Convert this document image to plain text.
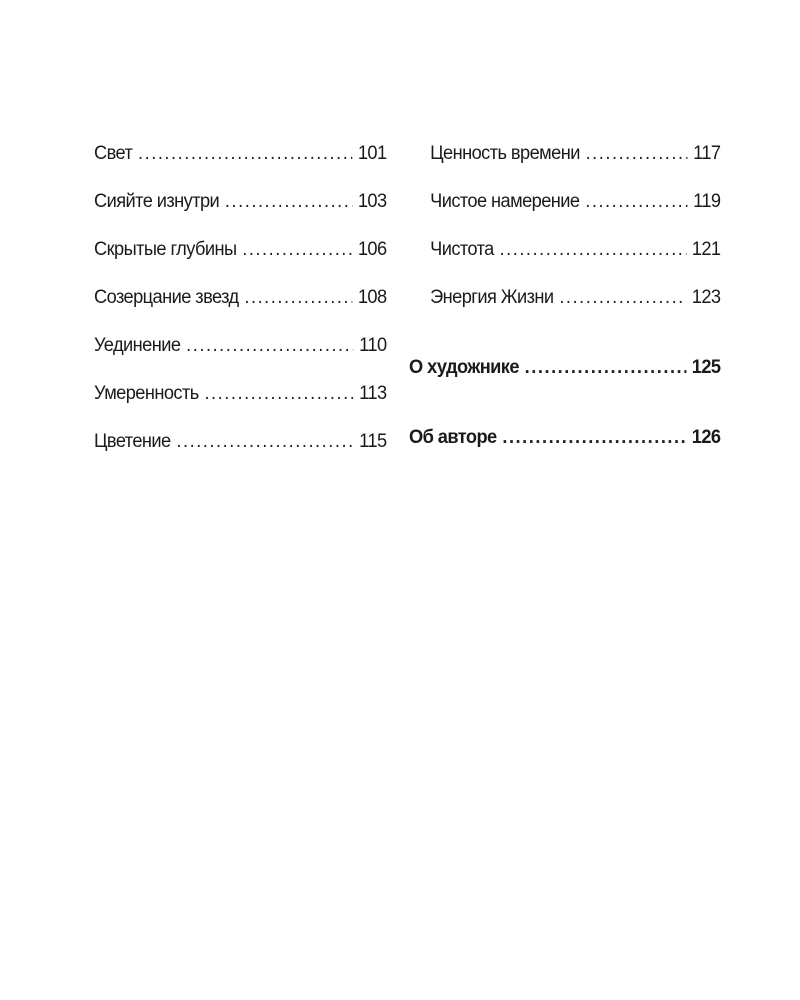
Свет .....	101
Сияйте изнутри .....	103
Скрытые глубины .....	106
Созерцание звезд .....	108
Уединение .....	110
Умеренность .....	113
Цветение .....	115
Ценность времени .....	117
Чистое намерение .....	119
Чистота .....	121
Энергия Жизни .....	123
О художнике .....	125
Об авторе .....	126
